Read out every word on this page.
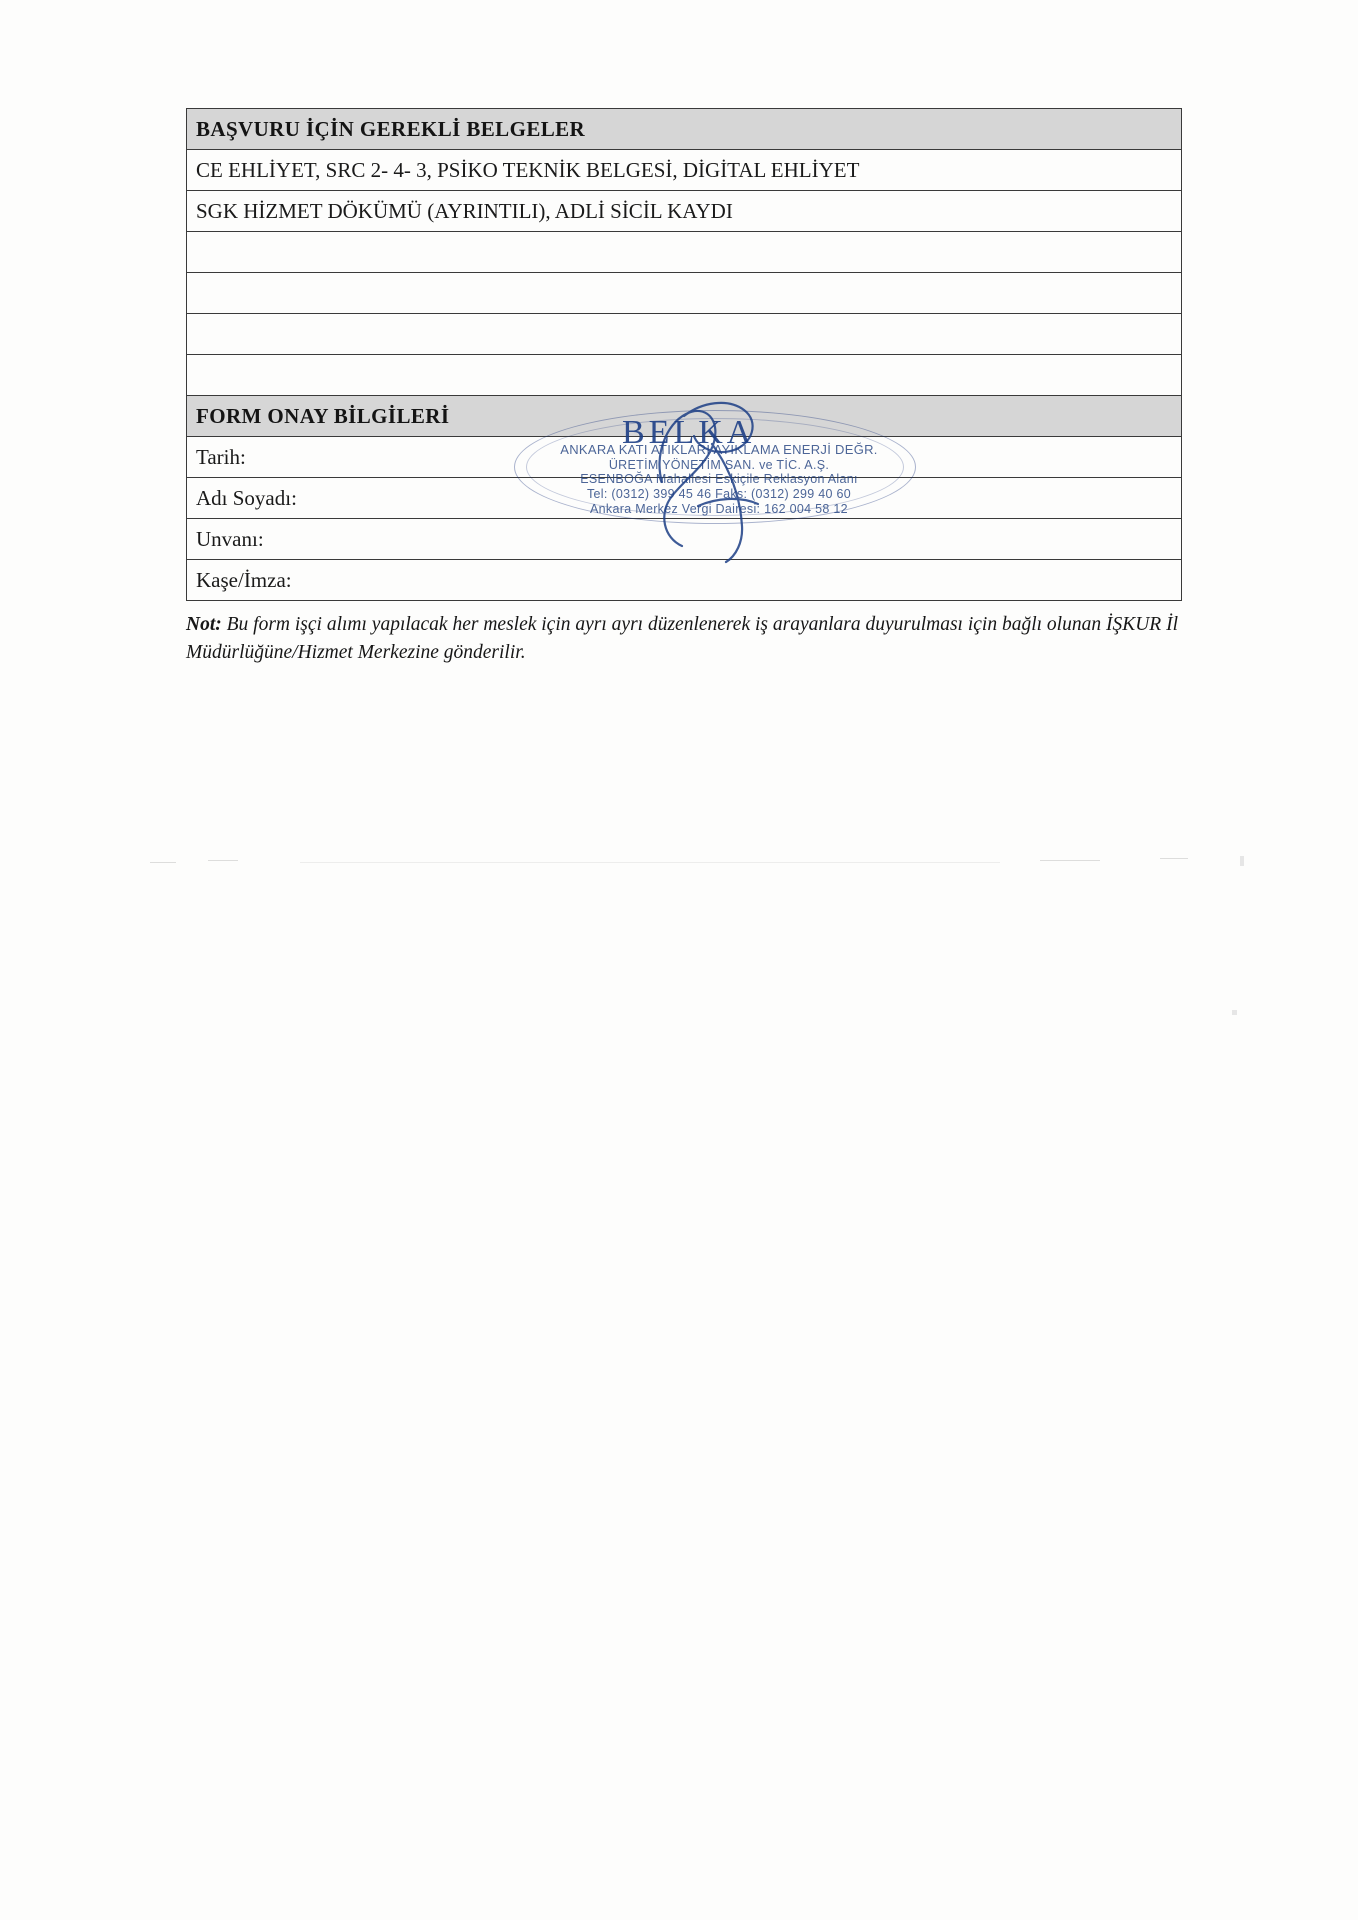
BAŞVURU İÇİN GEREKLİ BELGELER
CE EHLİYET, SRC 2- 4- 3, PSİKO TEKNİK BELGESİ, DİGİTAL EHLİYET
SGK HİZMET DÖKÜMÜ (AYRINTILI), ADLİ SİCİL KAYDI

FORM ONAY BİLGİLERİ
Tarih:
Adı Soyadı:
Unvanı:
Kaşe/İmza:
Not: Bu form işçi alımı yapılacak her meslek için ayrı ayrı düzenlenerek iş arayanlara duyurulması için bağlı olunan İŞKUR İl Müdürlüğüne/Hizmet Merkezine gönderilir.
BELKA
ANKARA KATI ATIKLARI AYIKLAMA ENERJİ DEĞR.
ÜRETİM YÖNETİM SAN. ve TİC. A.Ş.
ESENBOĞA Mahallesi Eskiçile Reklasyon Alanı
Tel: (0312) 399 45 46 Faks: (0312) 299 40 60
Ankara Merkez Vergi Dairesi: 162 004 58 12
